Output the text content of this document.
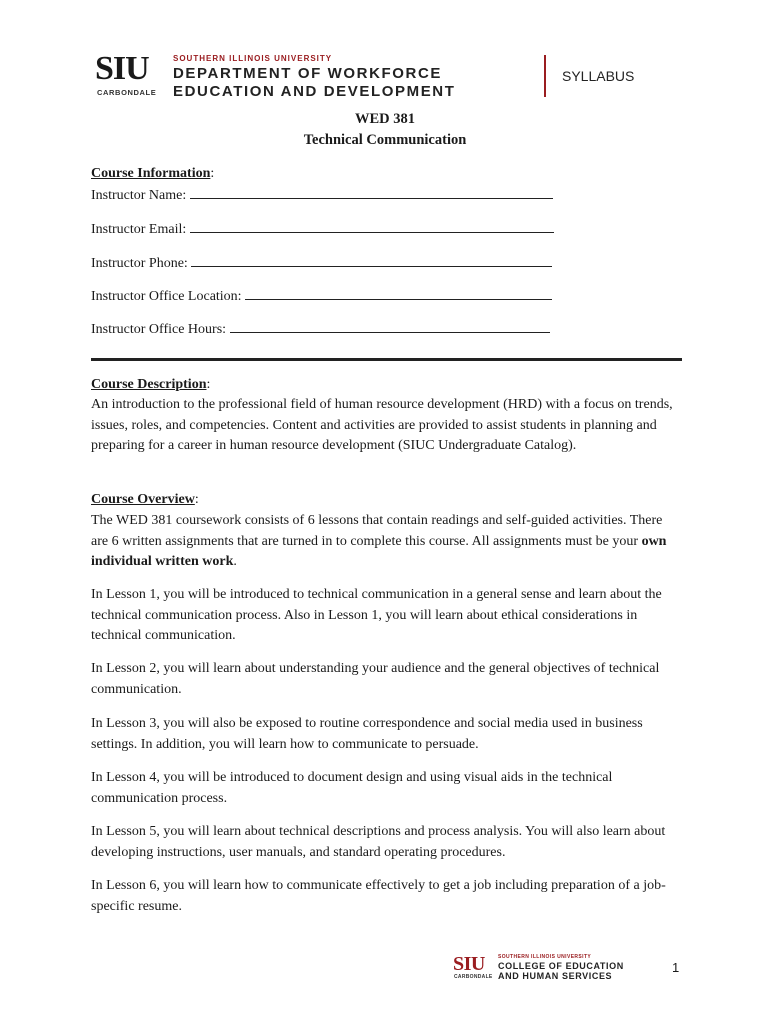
SIU
CARBONDALE
SOUTHERN ILLINOIS UNIVERSITY
DEPARTMENT OF WORKFORCE
EDUCATION AND DEVELOPMENT
SYLLABUS
WED 381
Technical Communication
Course Information:
Instructor Name:
Instructor Email:
Instructor Phone:
Instructor Office Location:
Instructor Office Hours:
Course Description:
An introduction to the professional field of human resource development (HRD) with a focus on trends, issues, roles, and competencies. Content and activities are provided to assist students in planning and preparing for a career in human resource development (SIUC Undergraduate Catalog).
Course Overview:
The WED 381 coursework consists of 6 lessons that contain readings and self-guided activities. There are 6 written assignments that are turned in to complete this course. All assignments must be your own individual written work.
In Lesson 1, you will be introduced to technical communication in a general sense and learn about the technical communication process. Also in Lesson 1, you will learn about ethical considerations in technical communication.
In Lesson 2, you will learn about understanding your audience and the general objectives of technical communication.
In Lesson 3, you will also be exposed to routine correspondence and social media used in business settings. In addition, you will learn how to communicate to persuade.
In Lesson 4, you will be introduced to document design and using visual aids in the technical communication process.
In Lesson 5, you will learn about technical descriptions and process analysis. You will also learn about developing instructions, user manuals, and standard operating procedures.
In Lesson 6, you will learn how to communicate effectively to get a job including preparation of a job-specific resume.
SIU
CARBONDALE
SOUTHERN ILLINOIS UNIVERSITY
COLLEGE OF EDUCATION
AND HUMAN SERVICES
1
